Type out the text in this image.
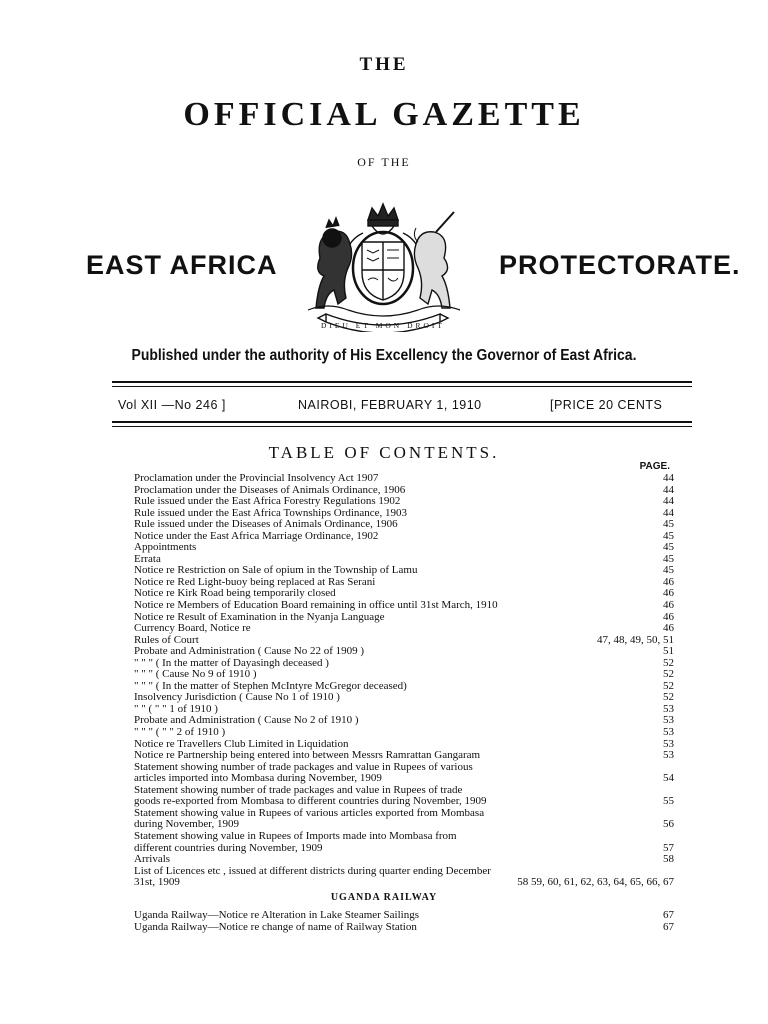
THE
OFFICIAL GAZETTE
OF THE
EAST AFRICA	PROTECTORATE.
DIEU ET MON DROIT
Published under the authority of His Excellency the Governor of East Africa.
Vol XII —No 246 ]	NAIROBI, FEBRUARY 1, 1910	[PRICE 20 CENTS
TABLE OF CONTENTS.
PAGE.
Proclamation under the Provincial Insolvency Act 1907	44
Proclamation under the Diseases of Animals Ordinance, 1906	44
Rule issued under the East Africa Forestry Regulations 1902	44
Rule issued under the East Africa Townships Ordinance, 1903	44
Rule issued under the Diseases of Animals Ordinance, 1906	45
Notice under the East Africa Marriage Ordinance, 1902	45
Appointments	45
Errata	45
Notice re Restriction on Sale of opium in the Township of Lamu	45
Notice re Red Light-buoy being replaced at Ras Serani	46
Notice re Kirk Road being temporarily closed	46
Notice re Members of Education Board remaining in office until 31st March, 1910	46
Notice re Result of Examination in the Nyanja Language	46
Currency Board, Notice re	46
Rules of Court	47, 48, 49, 50, 51
Probate and Administration ( Cause No 22 of 1909 )	51
" " " ( In the matter of Dayasingh deceased )	52
" " " ( Cause No 9 of 1910 )	52
" " " ( In the matter of Stephen McIntyre McGregor deceased)	52
Insolvency Jurisdiction ( Cause No 1 of 1910 )	52
" " ( " " 1 of 1910 )	53
Probate and Administration ( Cause No 2 of 1910 )	53
" " " ( " " 2 of 1910 )	53
Notice re Travellers Club Limited in Liquidation	53
Notice re Partnership being entered into between Messrs Ramrattan Gangaram	53
Statement showing number of trade packages and value in Rupees of various
articles imported into Mombasa during November, 1909	54
Statement showing number of trade packages and value in Rupees of trade
goods re-exported from Mombasa to different countries during November, 1909	55
Statement showing value in Rupees of various articles exported from Mombasa
during November, 1909	56
Statement showing value in Rupees of Imports made into Mombasa from
different countries during November, 1909	57
Arrivals	58
List of Licences etc , issued at different districts during quarter ending December
31st, 1909	58 59, 60, 61, 62, 63, 64, 65, 66, 67
UGANDA RAILWAY
Uganda Railway—Notice re Alteration in Lake Steamer Sailings	67
Uganda Railway—Notice re change of name of Railway Station	67
